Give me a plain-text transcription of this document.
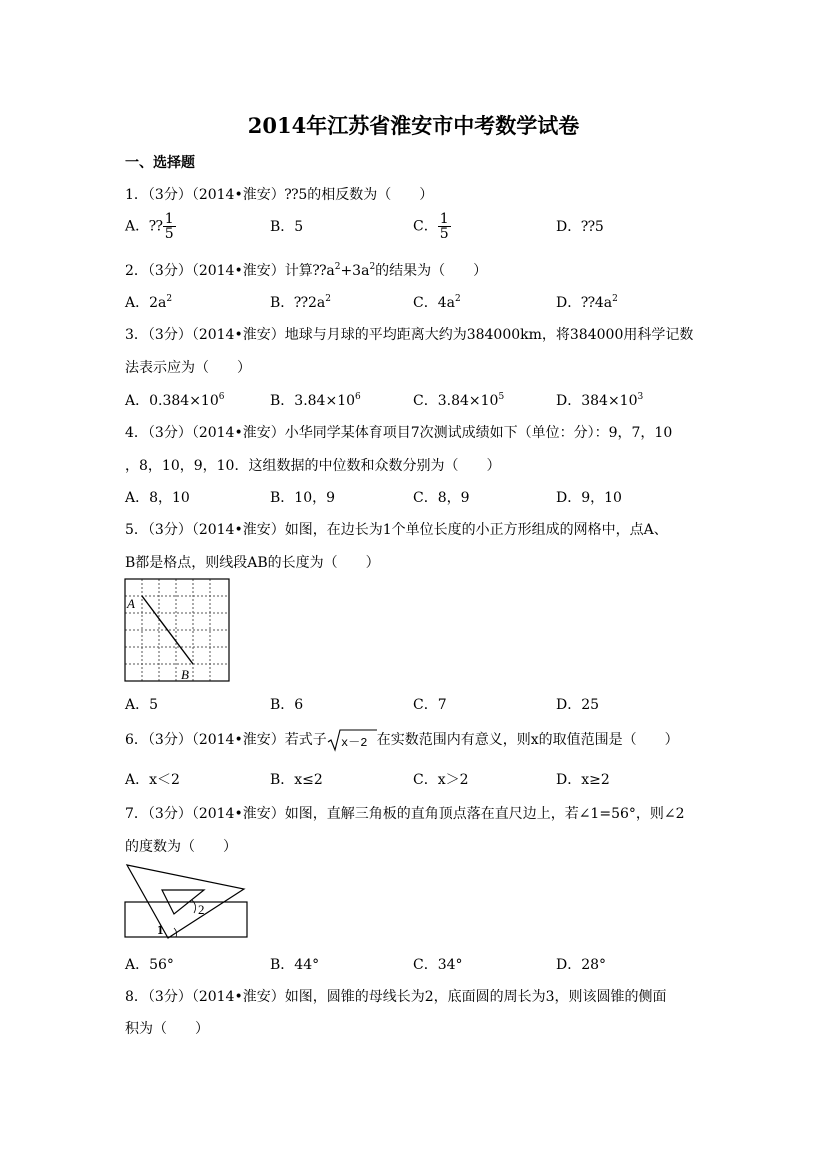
2014年江苏省淮安市中考数学试卷
一、选择题
1．（3分）（2014•淮安）⁇5的相反数为（　　）
A．⁇ $\frac{1}{5}$	B．5	C． $\frac{1}{5}$	D．⁇5
2．（3分）（2014•淮安）计算$⁇a^2+3a^2$的结果为（　　）
A．$2a^2$	B．$⁇2a^2$	C．$4a^2$	D．$⁇4a^2$
3．（3分）（2014•淮安）地球与月球的平均距离大约为384000km，将384000用科学记数
法表示应为（　　）
A．$0.384\times 10^6$	B．$3.84\times 10^6$	C．$3.84\times 10^5$	D．$384\times 10^3$
4．（3分）（2014•淮安）小华同学某体育项目7次测试成绩如下（单位：分）：9，7，10
，8，10，9，10．这组数据的中位数和众数分别为（　　）
A．8，10	B．10，9	C．8，9	D．9，10
5．（3分）（2014•淮安）如图，在边长为1个单位长度的小正方形组成的网格中，点A、
B都是格点，则线段AB的长度为（　　）
A
B
A．5	B．6	C．7	D．25
6．（3分）（2014•淮安）若式子 x－2 在实数范围内有意义，则x的取值范围是（　　）
A．x＜2	B．x≤2	C．x＞2	D．x≥2
7．（3分）（2014•淮安）如图，直解三角板的直角顶点落在直尺边上，若∠1=56°，则∠2
的度数为（　　）
2
1
A．56°	B．44°	C．34°	D．28°
8．（3分）（2014•淮安）如图，圆锥的母线长为2，底面圆的周长为3，则该圆锥的侧面
积为（　　）
